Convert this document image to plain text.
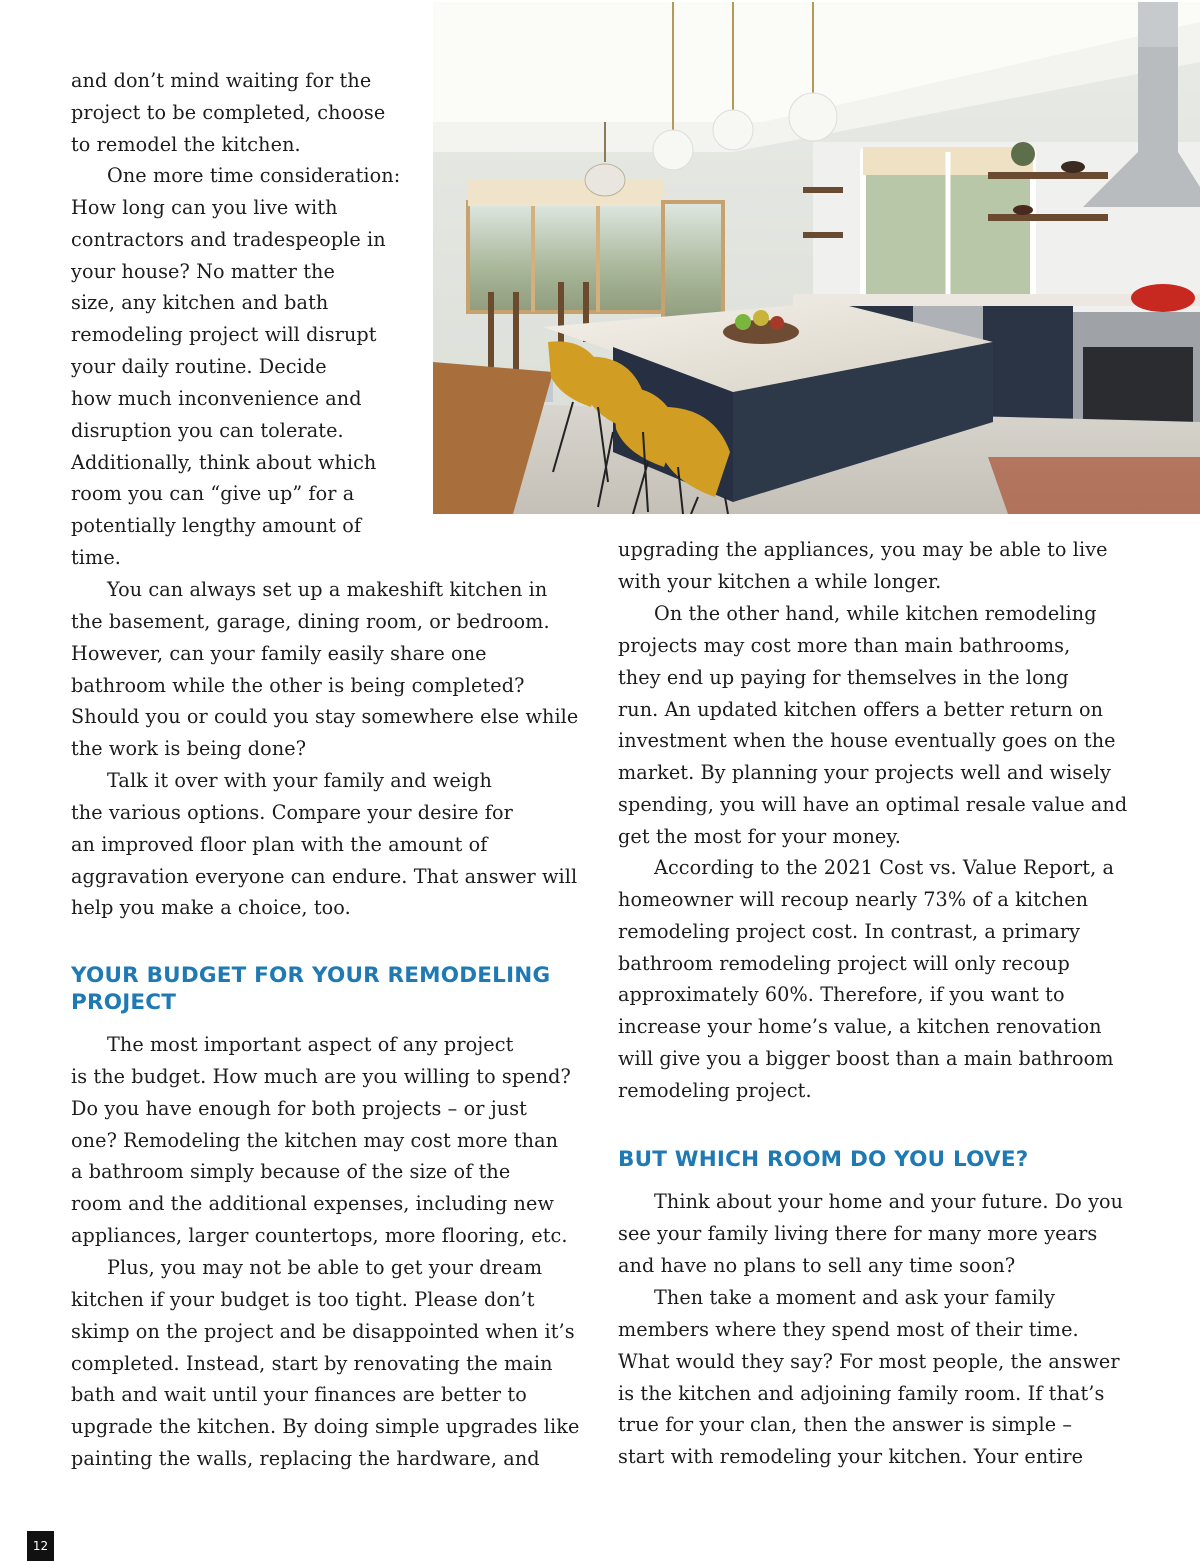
and don’t mind waiting for the
project to be completed, choose
to remodel the kitchen.
One more time consideration:
How long can you live with
contractors and tradespeople in
your house? No matter the
size, any kitchen and bath
remodeling project will disrupt
your daily routine. Decide
how much inconvenience and
disruption you can tolerate.
Additionally, think about which
room you can “give up” for a
potentially lengthy amount of
time.
You can always set up a makeshift kitchen in
the basement, garage, dining room, or bedroom.
However, can your family easily share one
bathroom while the other is being completed?
Should you or could you stay somewhere else while
the work is being done?
Talk it over with your family and weigh
the various options. Compare your desire for
an improved floor plan with the amount of
aggravation everyone can endure. That answer will
help you make a choice, too.
YOUR BUDGET FOR YOUR REMODELING
PROJECT
The most important aspect of any project
is the budget. How much are you willing to spend?
Do you have enough for both projects – or just
one? Remodeling the kitchen may cost more than
a bathroom simply because of the size of the
room and the additional expenses, including new
appliances, larger countertops, more flooring, etc.
Plus, you may not be able to get your dream
kitchen if your budget is too tight. Please don’t
skimp on the project and be disappointed when it’s
completed. Instead, start by renovating the main
bath and wait until your finances are better to
upgrade the kitchen. By doing simple upgrades like
painting the walls, replacing the hardware, and
upgrading the appliances, you may be able to live
with your kitchen a while longer.
On the other hand, while kitchen remodeling
projects may cost more than main bathrooms,
they end up paying for themselves in the long
run. An updated kitchen offers a better return on
investment when the house eventually goes on the
market. By planning your projects well and wisely
spending, you will have an optimal resale value and
get the most for your money.
According to the 2021 Cost vs. Value Report, a
homeowner will recoup nearly 73% of a kitchen
remodeling project cost. In contrast, a primary
bathroom remodeling project will only recoup
approximately 60%. Therefore, if you want to
increase your home’s value, a kitchen renovation
will give you a bigger boost than a main bathroom
remodeling project.
BUT WHICH ROOM DO YOU LOVE?
Think about your home and your future. Do you
see your family living there for many more years
and have no plans to sell any time soon?
Then take a moment and ask your family
members where they spend most of their time.
What would they say? For most people, the answer
is the kitchen and adjoining family room. If that’s
true for your clan, then the answer is simple –
start with remodeling your kitchen. Your entire
12
